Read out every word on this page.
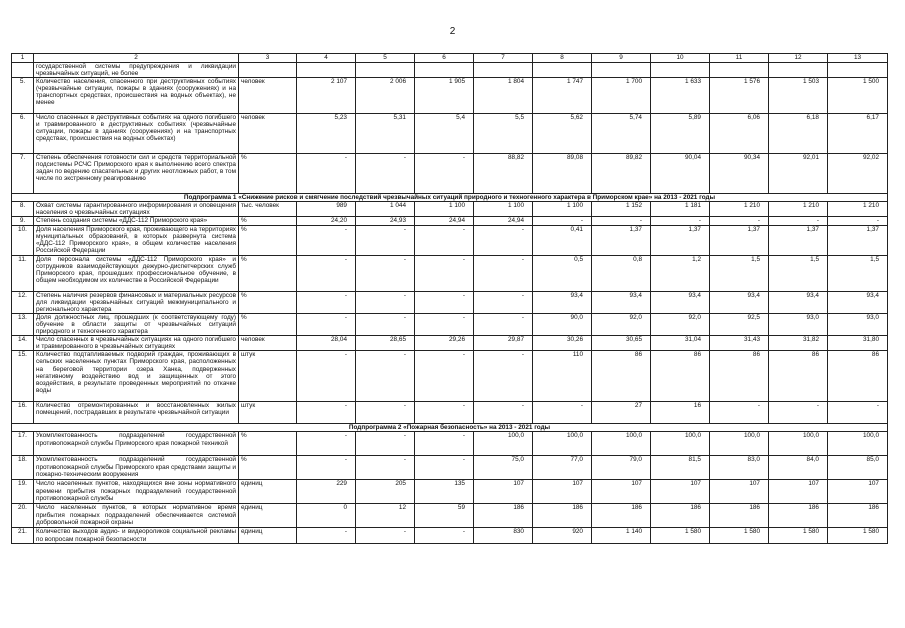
2
1	2	3	4	5	6	7	8	9	10	11	12	13
	государственной системы предупреждения и ликвидации чрезвычайных ситуаций, не более											
5.	Количество населения, спасенного при деструктивных событиях (чрезвычайные ситуации, пожары в зданиях (сооружениях) и на транспортных средствах, происшествия на водных объектах), не менее	человек	2 107	2 006	1 905	1 804	1 747	1 700	1 633	1 576	1 503	1 500
6.	Число спасенных в деструктивных событиях на одного погибшего и травмированного в деструктивных событиях (чрезвычайные ситуации, пожары в зданиях (сооружениях) и на транспортных средствах, происшествия на водных объектах)	человек	5,23	5,31	5,4	5,5	5,62	5,74	5,89	6,06	6,18	6,17
7.	Степень обеспечения готовности сил и средств территориальной подсистемы РСЧС Приморского края к выполнению всего спектра задач по ведению спасательных и других неотложных работ, в том числе по экстренному реагированию	%	-	-	-	88,82	89,08	89,82	90,04	90,34	92,01	92,02
Подпрограмма 1 «Снижение рисков и смягчение последствий чрезвычайных ситуаций природного и техногенного характера в Приморском крае» на 2013 - 2021 годы												
8.	Охват системы гарантированного информирования и оповещения населения о чрезвычайных ситуациях	тыс. человек	989	1 044	1 100	1 100	1 100	1 152	1 181	1 210	1 210	1 210
9.	Степень создания системы «ДДС-112 Приморского края»	%	24,20	24,93	24,94	24,94	-	-	-	-	-	-
10.	Доля населения Приморского края, проживающего на территориях муниципальных образований, в которых развернута система «ДДС-112 Приморского края», в общем количестве населения Российской Федерации	%	-	-	-	-	0,41	1,37	1,37	1,37	1,37	1,37
11.	Доля персонала системы «ДДС-112 Приморского края» и сотрудников взаимодействующих дежурно-диспетчерских служб Приморского края, прошедших профессиональное обучение, в общем необходимом их количестве в Российской Федерации	%	-	-	-	-	0,5	0,8	1,2	1,5	1,5	1,5
12.	Степень наличия резервов финансовых и материальных ресурсов для ликвидации чрезвычайных ситуаций межмуниципального и регионального характера	%	-	-	-	-	93,4	93,4	93,4	93,4	93,4	93,4
13.	Доля должностных лиц, прошедших (к соответствующему году) обучение в области защиты от чрезвычайных ситуаций природного и техногенного характера	%	-	-	-	-	90,0	92,0	92,0	92,5	93,0	93,0
14.	Число спасенных в чрезвычайных ситуациях на одного погибшего и травмированного в чрезвычайных ситуациях	человек	28,04	28,65	29,26	29,87	30,26	30,65	31,04	31,43	31,82	31,80
15.	Количество подтапливаемых подворий граждан, проживающих в сельских населенных пунктах Приморского края, расположенных на береговой территории озера Ханка, подверженных негативному воздействию вод и защищенных от этого воздействия, в результате проведенных мероприятий по откачке воды	штук	-	-	-	-	110	86	86	86	86	86
16.	Количество отремонтированных и восстановленных жилых помещений, пострадавших в результате чрезвычайной ситуации	штук	-	-	-	-	-	27	16	-	-	-
Подпрограмма 2 «Пожарная безопасность» на 2013 - 2021 годы												
17.	Укомплектованность подразделений государственной противопожарной службы Приморского края пожарной техникой	%	-	-	-	100,0	100,0	100,0	100,0	100,0	100,0	100,0
18.	Укомплектованность подразделений государственной противопожарной службы Приморского края средствами защиты и пожарно-техническим вооружения	%	-	-	-	75,0	77,0	79,0	81,5	83,0	84,0	85,0
19.	Число населенных пунктов, находящихся вне зоны нормативного времени прибытия пожарных подразделений государственной противопожарной службы	единиц	229	205	135	107	107	107	107	107	107	107
20.	Число населенных пунктов, в которых нормативное время прибытия пожарных подразделений обеспечивается системой добровольной пожарной охраны	единиц	0	12	59	186	186	186	186	186	186	186
21.	Количество выходов аудио- и видеороликов социальной рекламы по вопросам пожарной безопасности	единиц	-	-	-	830	920	1 140	1 580	1 580	1 580	1 580
